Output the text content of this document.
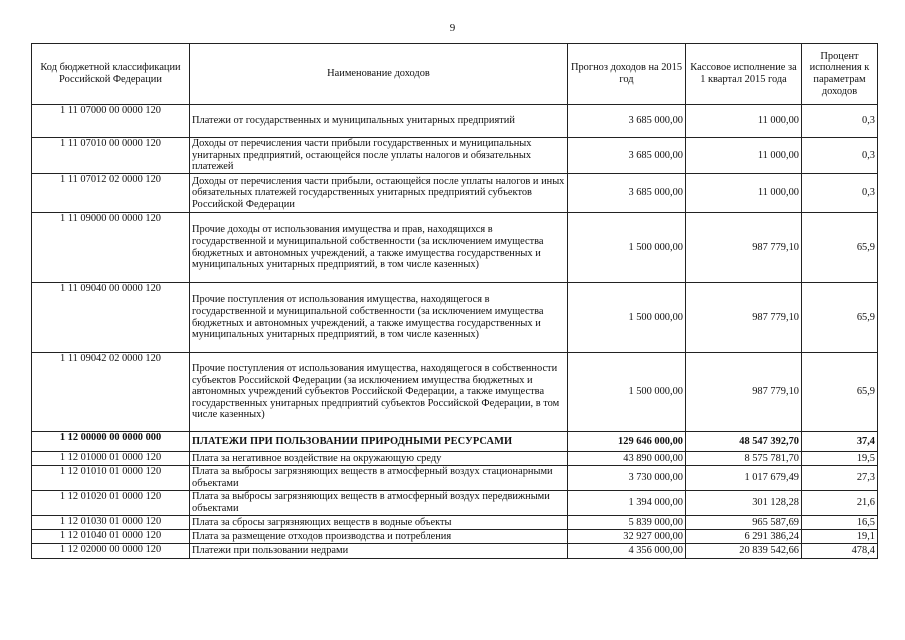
9
Код бюджетной классификации Российской Федерации	Наименование доходов	Прогноз доходов на 2015 год	Кассовое исполнение за 1 квартал 2015 года	Процент исполнения к параметрам доходов
1 11 07000 00 0000 120	Платежи от государственных и муниципальных унитарных предприятий	3 685 000,00	11 000,00	0,3
1 11 07010 00 0000 120	Доходы от перечисления части прибыли государственных и муниципальных унитарных предприятий, остающейся после уплаты налогов и обязательных платежей	3 685 000,00	11 000,00	0,3
1 11 07012 02 0000 120	Доходы от перечисления части прибыли, остающейся после уплаты налогов и иных обязательных платежей государственных унитарных предприятий субъектов Российской Федерации	3 685 000,00	11 000,00	0,3
1 11 09000 00 0000 120	Прочие доходы от использования имущества и прав, находящихся в государственной и муниципальной собственности (за исключением имущества бюджетных и автономных учреждений, а также имущества государственных и муниципальных унитарных предприятий, в том числе казенных)	1 500 000,00	987 779,10	65,9
1 11 09040 00 0000 120	Прочие поступления от использования имущества, находящегося в государственной и муниципальной собственности (за исключением имущества бюджетных и автономных учреждений, а также имущества государственных и муниципальных унитарных предприятий, в том числе казенных)	1 500 000,00	987 779,10	65,9
1 11 09042 02 0000 120	Прочие поступления от использования имущества, находящегося в собственности субъектов Российской Федерации (за исключением имущества бюджетных и автономных учреждений субъектов Российской Федерации, а также имущества государственных унитарных предприятий субъектов Российской Федерации, в том числе казенных)	1 500 000,00	987 779,10	65,9
1 12 00000 00 0000 000	ПЛАТЕЖИ ПРИ ПОЛЬЗОВАНИИ ПРИРОДНЫМИ РЕСУРСАМИ	129 646 000,00	48 547 392,70	37,4
1 12 01000 01 0000 120	Плата за негативное воздействие на окружающую среду	43 890 000,00	8 575 781,70	19,5
1 12 01010 01 0000 120	Плата за выбросы загрязняющих веществ в атмосферный воздух стационарными объектами	3 730 000,00	1 017 679,49	27,3
1 12 01020 01 0000 120	Плата за выбросы загрязняющих веществ в атмосферный воздух передвижными объектами	1 394 000,00	301 128,28	21,6
1 12 01030 01 0000 120	Плата за сбросы загрязняющих веществ в водные объекты	5 839 000,00	965 587,69	16,5
1 12 01040 01 0000 120	Плата за размещение отходов производства и потребления	32 927 000,00	6 291 386,24	19,1
1 12 02000 00 0000 120	Платежи при пользовании недрами	4 356 000,00	20 839 542,66	478,4
